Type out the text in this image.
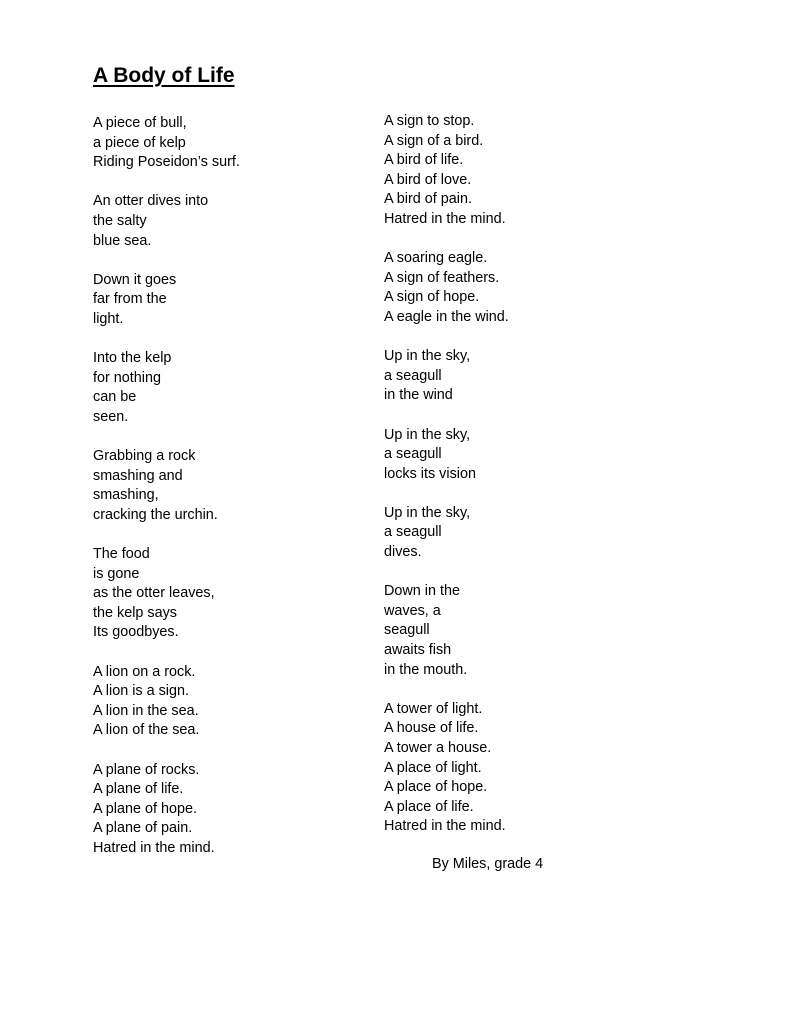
A Body of Life
A piece of bull,
a piece of kelp
Riding Poseidon’s surf.
An otter dives into
the salty
blue sea.
Down it goes
far from the
light.
Into the kelp
for nothing
can be
seen.
Grabbing a rock
smashing and
smashing,
cracking the urchin.
The food
is gone
as the otter leaves,
the kelp says
Its goodbyes.
A lion on a rock.
A lion is a sign.
A lion in the sea.
A lion of the sea.
A plane of rocks.
A plane of life.
A plane of hope.
A plane of pain.
Hatred in the mind.
A sign to stop.
A sign of a bird.
A bird of life.
A bird of love.
A bird of pain.
Hatred in the mind.
A soaring eagle.
A sign of feathers.
A sign of hope.
A eagle in the wind.
Up in the sky,
a seagull
in the wind
Up in the sky,
a seagull
locks its vision
Up in the sky,
a seagull
dives.
Down in the
waves, a
seagull
awaits fish
in the mouth.
A tower of light.
A house of life.
A tower a house.
A place of light.
A place of hope.
A place of life.
Hatred in the mind.
By Miles, grade 4
